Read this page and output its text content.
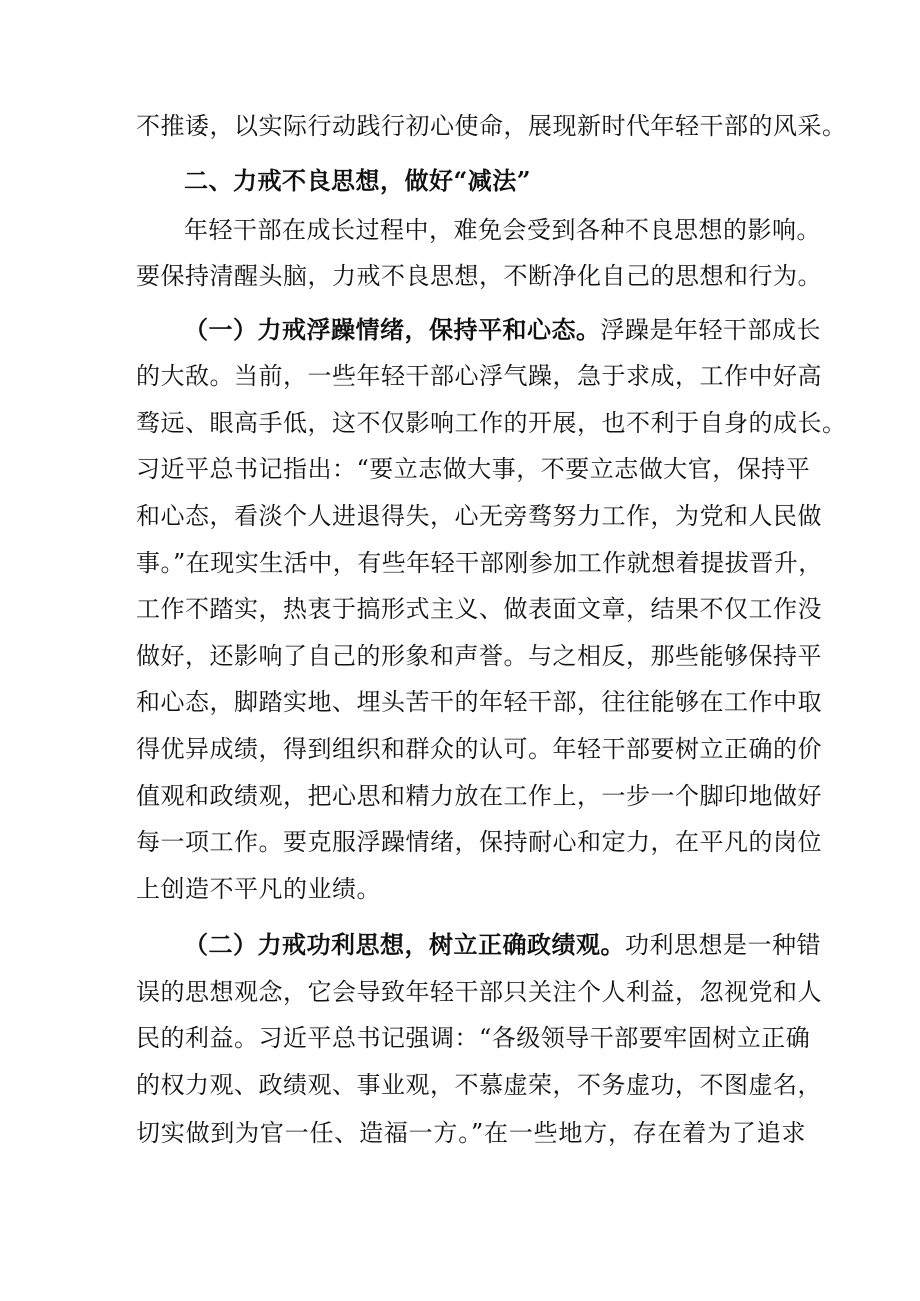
不推诿，以实际行动践行初心使命，展现新时代年轻干部的风采。
二、力戒不良思想，做好“减法”
年轻干部在成长过程中，难免会受到各种不良思想的影响。
要保持清醒头脑，力戒不良思想，不断净化自己的思想和行为。
（一）力戒浮躁情绪，保持平和心态。浮躁是年轻干部成长
的大敌。当前，一些年轻干部心浮气躁，急于求成，工作中好高
骛远、眼高手低，这不仅影响工作的开展，也不利于自身的成长。
习近平总书记指出：“要立志做大事，不要立志做大官，保持平
和心态，看淡个人进退得失，心无旁骛努力工作，为党和人民做
事。”在现实生活中，有些年轻干部刚参加工作就想着提拔晋升，
工作不踏实，热衷于搞形式主义、做表面文章，结果不仅工作没
做好，还影响了自己的形象和声誉。与之相反，那些能够保持平
和心态，脚踏实地、埋头苦干的年轻干部，往往能够在工作中取
得优异成绩，得到组织和群众的认可。年轻干部要树立正确的价
值观和政绩观，把心思和精力放在工作上，一步一个脚印地做好
每一项工作。要克服浮躁情绪，保持耐心和定力，在平凡的岗位
上创造不平凡的业绩。
（二）力戒功利思想，树立正确政绩观。功利思想是一种错
误的思想观念，它会导致年轻干部只关注个人利益，忽视党和人
民的利益。习近平总书记强调：“各级领导干部要牢固树立正确
的权力观、政绩观、事业观，不慕虚荣，不务虚功，不图虚名，
切实做到为官一任、造福一方。”在一些地方，存在着为了追求
